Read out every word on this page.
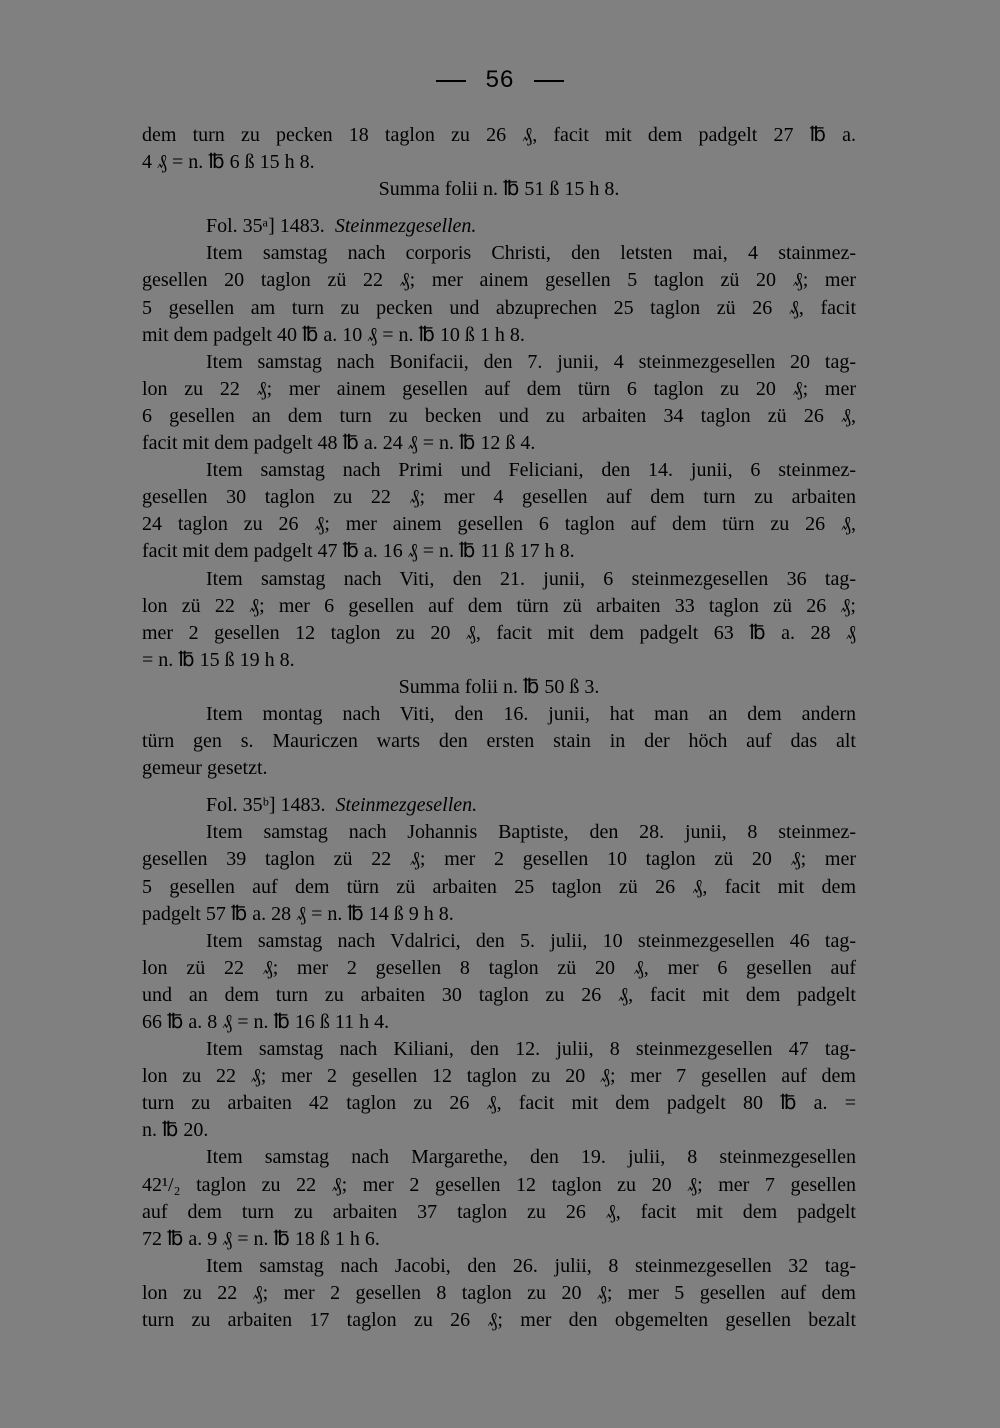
56
dem turn zu pecken 18 taglon zu 26 ₰, facit mit dem padgelt 27 ℔ a.
4 ₰ = n. ℔ 6 ß 15 h 8.
Summa folii n. ℔ 51 ß 15 h 8.
Fol. 35ᵃ] 1483. Steinmezgesellen.
Item samstag nach corporis Christi, den letsten mai, 4 stainmez-
gesellen 20 taglon zü 22 ₰; mer ainem gesellen 5 taglon zü 20 ₰; mer
5 gesellen am turn zu pecken und abzuprechen 25 taglon zü 26 ₰, facit
mit dem padgelt 40 ℔ a. 10 ₰ = n. ℔ 10 ß 1 h 8.
Item samstag nach Bonifacii, den 7. junii, 4 steinmezgesellen 20 tag-
lon zu 22 ₰; mer ainem gesellen auf dem türn 6 taglon zu 20 ₰; mer
6 gesellen an dem turn zu becken und zu arbaiten 34 taglon zü 26 ₰,
facit mit dem padgelt 48 ℔ a. 24 ₰ = n. ℔ 12 ß 4.
Item samstag nach Primi und Feliciani, den 14. junii, 6 steinmez-
gesellen 30 taglon zu 22 ₰; mer 4 gesellen auf dem turn zu arbaiten
24 taglon zu 26 ₰; mer ainem gesellen 6 taglon auf dem türn zu 26 ₰,
facit mit dem padgelt 47 ℔ a. 16 ₰ = n. ℔ 11 ß 17 h 8.
Item samstag nach Viti, den 21. junii, 6 steinmezgesellen 36 tag-
lon zü 22 ₰; mer 6 gesellen auf dem türn zü arbaiten 33 taglon zü 26 ₰;
mer 2 gesellen 12 taglon zu 20 ₰, facit mit dem padgelt 63 ℔ a. 28 ₰
= n. ℔ 15 ß 19 h 8.
Summa folii n. ℔ 50 ß 3.
Item montag nach Viti, den 16. junii, hat man an dem andern
türn gen s. Mauriczen warts den ersten stain in der höch auf das alt
gemeur gesetzt.
Fol. 35ᵇ] 1483. Steinmezgesellen.
Item samstag nach Johannis Baptiste, den 28. junii, 8 steinmez-
gesellen 39 taglon zü 22 ₰; mer 2 gesellen 10 taglon zü 20 ₰; mer
5 gesellen auf dem türn zü arbaiten 25 taglon zü 26 ₰, facit mit dem
padgelt 57 ℔ a. 28 ₰ = n. ℔ 14 ß 9 h 8.
Item samstag nach Vdalrici, den 5. julii, 10 steinmezgesellen 46 tag-
lon zü 22 ₰; mer 2 gesellen 8 taglon zü 20 ₰, mer 6 gesellen auf
und an dem turn zu arbaiten 30 taglon zu 26 ₰, facit mit dem padgelt
66 ℔ a. 8 ₰ = n. ℔ 16 ß 11 h 4.
Item samstag nach Kiliani, den 12. julii, 8 steinmezgesellen 47 tag-
lon zu 22 ₰; mer 2 gesellen 12 taglon zu 20 ₰; mer 7 gesellen auf dem
turn zu arbaiten 42 taglon zu 26 ₰, facit mit dem padgelt 80 ℔ a. =
n. ℔ 20.
Item samstag nach Margarethe, den 19. julii, 8 steinmezgesellen
42¹/₂ taglon zu 22 ₰; mer 2 gesellen 12 taglon zu 20 ₰; mer 7 gesellen
auf dem turn zu arbaiten 37 taglon zu 26 ₰, facit mit dem padgelt
72 ℔ a. 9 ₰ = n. ℔ 18 ß 1 h 6.
Item samstag nach Jacobi, den 26. julii, 8 steinmezgesellen 32 tag-
lon zu 22 ₰; mer 2 gesellen 8 taglon zu 20 ₰; mer 5 gesellen auf dem
turn zu arbaiten 17 taglon zu 26 ₰; mer den obgemelten gesellen bezalt
